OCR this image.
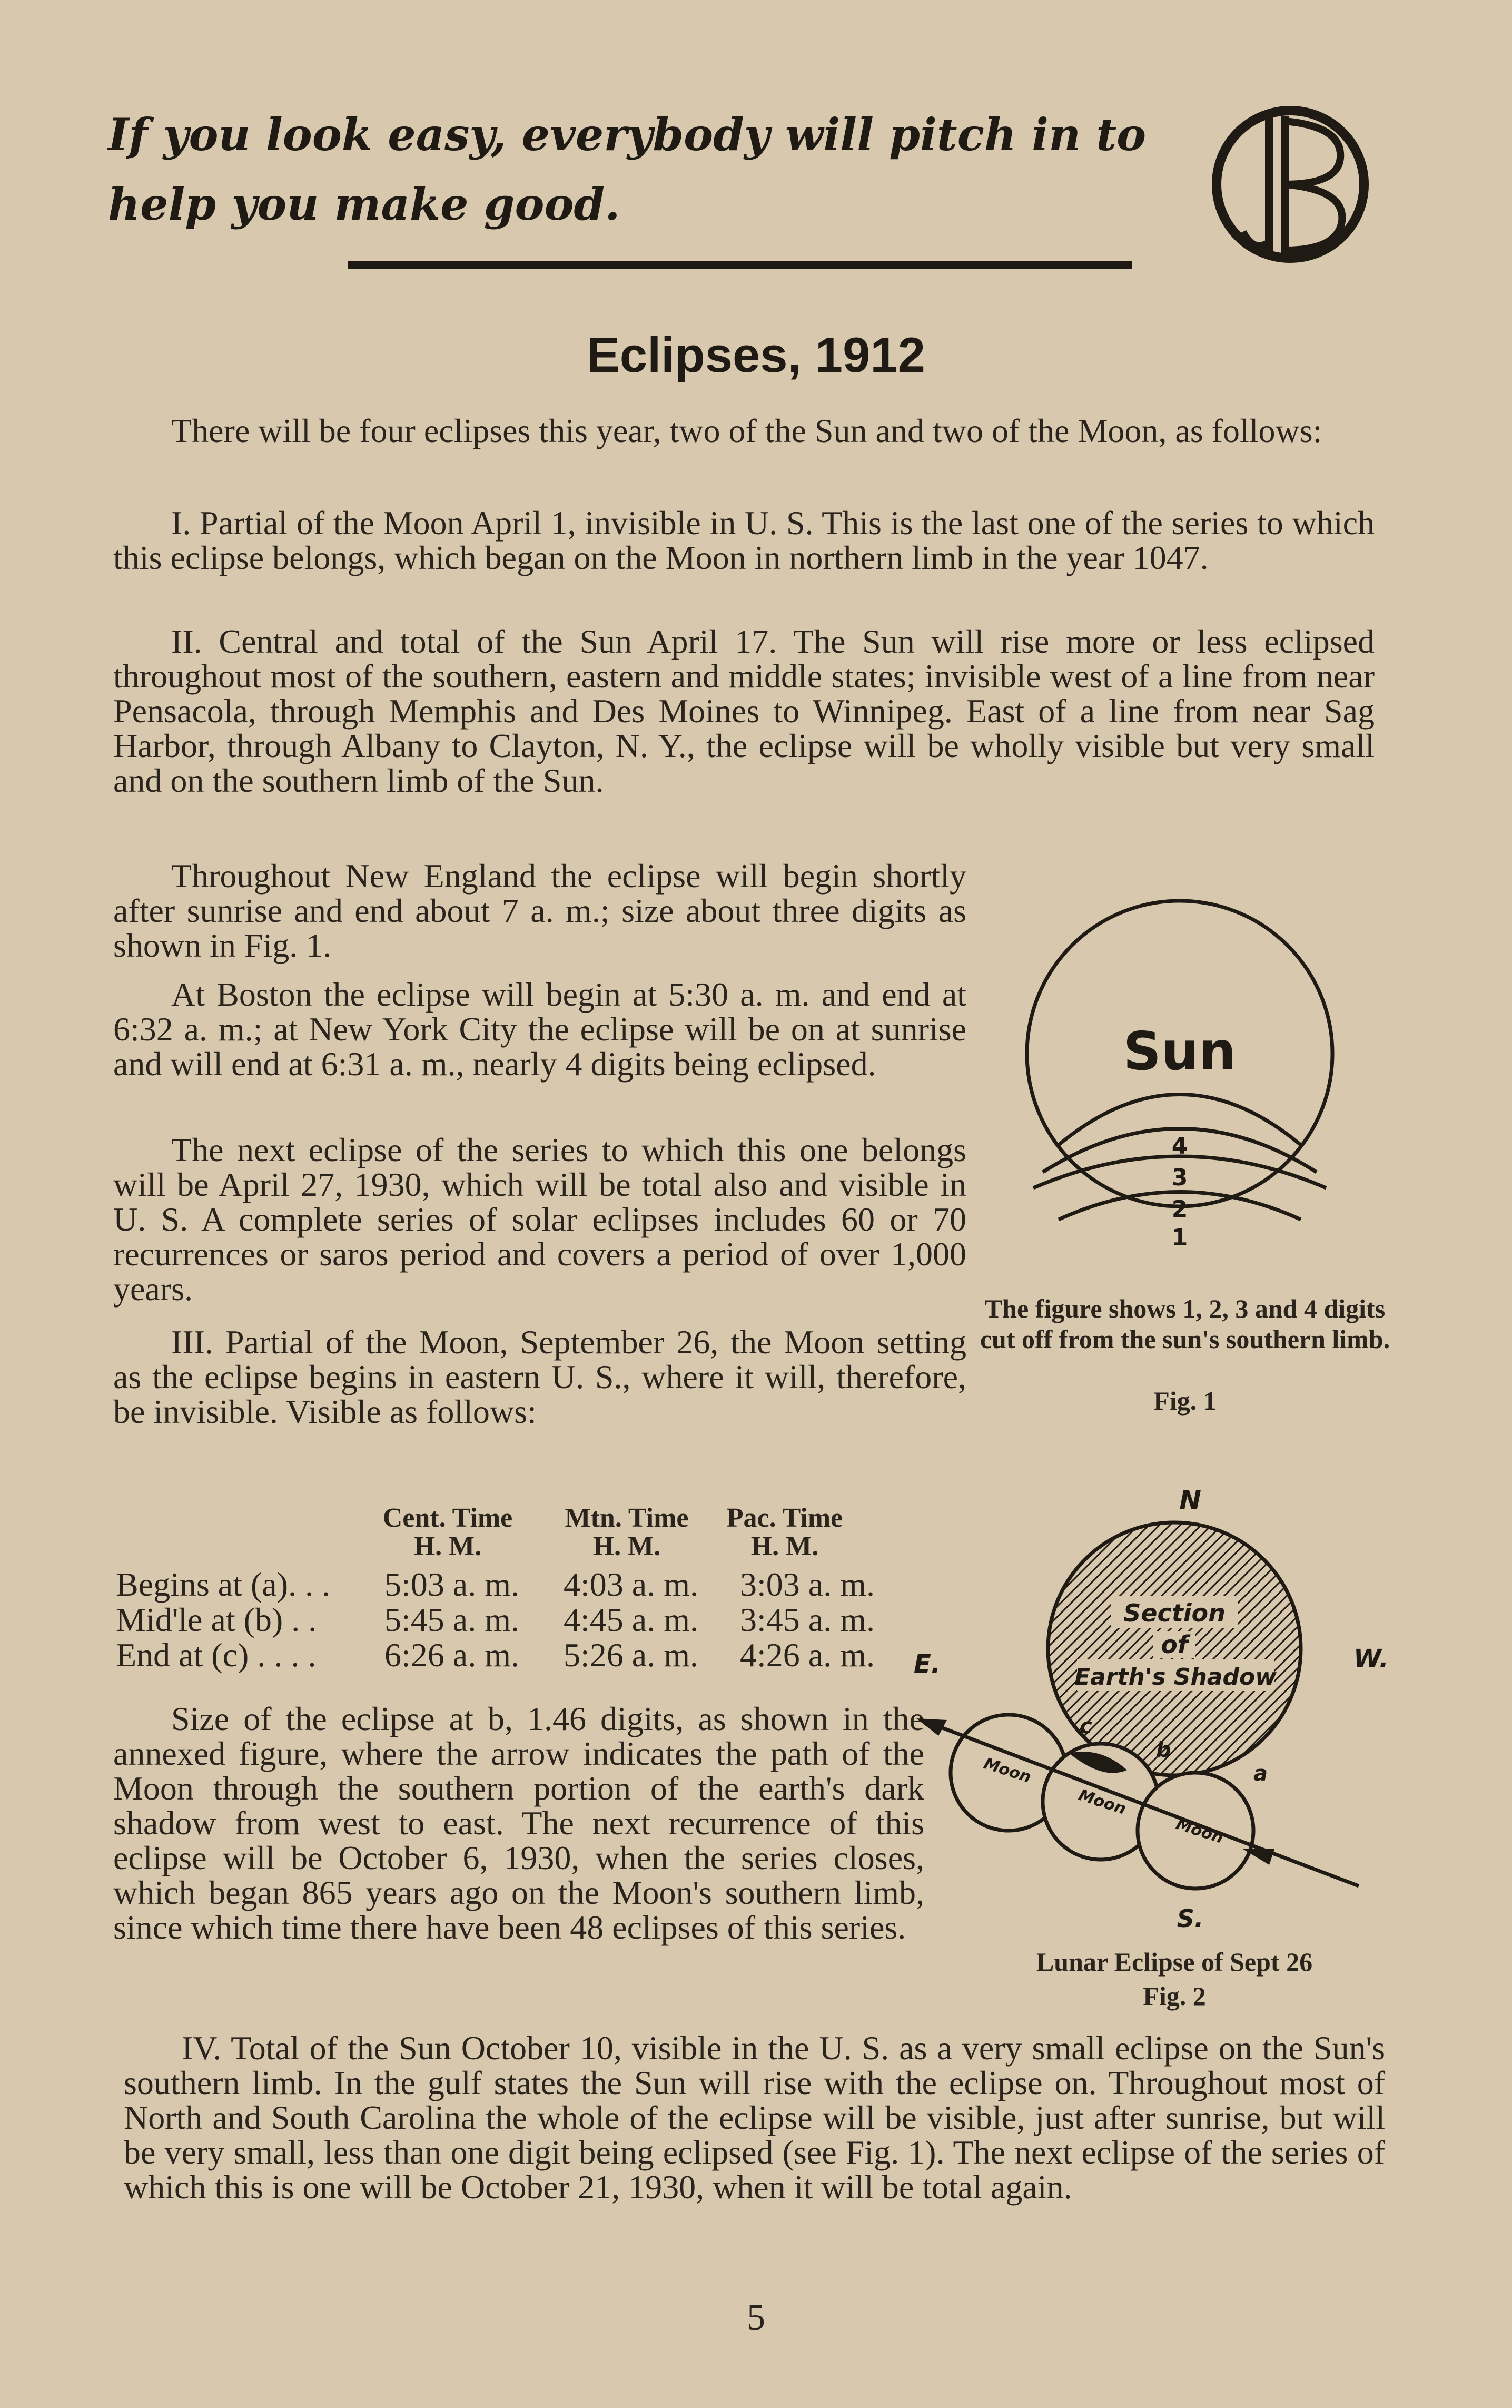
If you look easy, everybody will pitch in to help you make good.
Eclipses, 1912
There will be four eclipses this year, two of the Sun and two of the Moon, as follows:
I. Partial of the Moon April 1, invisible in U. S. This is the last one of the series to which this eclipse belongs, which began on the Moon in northern limb in the year 1047.
II. Central and total of the Sun April 17. The Sun will rise more or less eclipsed throughout most of the southern, eastern and middle states; invisible west of a line from near Pensacola, through Memphis and Des Moines to Winnipeg. East of a line from near Sag Harbor, through Albany to Clayton, N. Y., the eclipse will be wholly visible but very small and on the southern limb of the Sun.
Throughout New England the eclipse will begin shortly after sunrise and end about 7 a. m.; size about three digits as shown in Fig. 1.
At Boston the eclipse will begin at 5:30 a. m. and end at 6:32 a. m.; at New York City the eclipse will be on at sunrise and will end at 6:31 a. m., nearly 4 digits being eclipsed.
The next eclipse of the series to which this one belongs will be April 27, 1930, which will be total also and visible in U. S. A complete series of solar eclipses includes 60 or 70 recurrences or saros period and covers a period of over 1,000 years.
III. Partial of the Moon, September 26, the Moon setting as the eclipse begins in eastern U. S., where it will, therefore, be invisible. Visible as follows:
Sun
4
3
2
1
The figure shows 1, 2, 3 and 4 digits cut off from the sun's southern limb.
Fig. 1
Cent. Time
H. M.
Mtn. Time
H. M.
Pac. Time
H. M.
Begins at (a). . . 5:03 a. m. 4:03 a. m. 3:03 a. m.
Mid'le at (b) . . 5:45 a. m. 4:45 a. m. 3:45 a. m.
End at (c) . . . . 6:26 a. m. 5:26 a. m. 4:26 a. m.
Size of the eclipse at b, 1.46 digits, as shown in the annexed figure, where the arrow indicates the path of the Moon through the southern portion of the earth's dark shadow from west to east. The next recurrence of this eclipse will be October 6, 1930, when the series closes, which began 865 years ago on the Moon's southern limb, since which time there have been 48 eclipses of this series.
N
Section
of
Earth's Shadow
E.	W.
c
b
a
Moon
Moon
Moon
S.
Lunar Eclipse of Sept 26
Fig. 2
IV. Total of the Sun October 10, visible in the U. S. as a very small eclipse on the Sun's southern limb. In the gulf states the Sun will rise with the eclipse on. Throughout most of North and South Carolina the whole of the eclipse will be visible, just after sunrise, but will be very small, less than one digit being eclipsed (see Fig. 1). The next eclipse of the series of which this is one will be October 21, 1930, when it will be total again.
5
